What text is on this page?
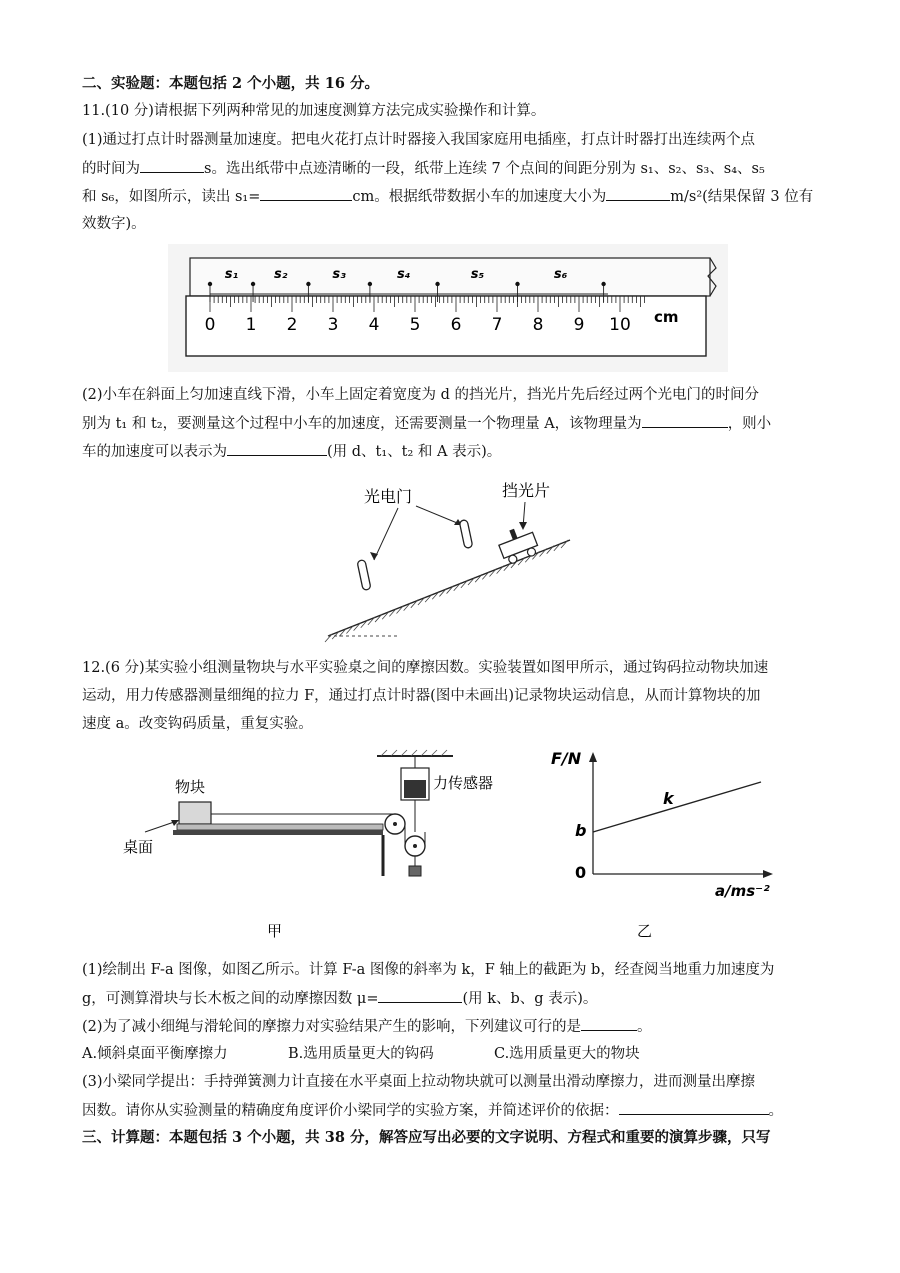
二、实验题：本题包括 2 个小题，共 16 分。
11.(10 分)请根据下列两种常见的加速度测算方法完成实验操作和计算。
(1)通过打点计时器测量加速度。把电火花打点计时器接入我国家庭用电插座，打点计时器打出连续两个点
的时间为	s。选出纸带中点迹清晰的一段，纸带上连续 7 个点间的间距分别为 s₁、s₂、s₃、s₄、s₅
和 s₆，如图所示，读出 s₁=	cm。根据纸带数据小车的加速度大小为	m/s²(结果保留 3 位有
效数字)。
0 1 2 3 4 5 6 7 8 9 10 cm
s₁	s₂	s₃	s₄	s₅	s₆
(2)小车在斜面上匀加速直线下滑，小车上固定着宽度为 d 的挡光片，挡光片先后经过两个光电门的时间分
别为 t₁ 和 t₂，要测量这个过程中小车的加速度，还需要测量一个物理量 A，该物理量为	，则小
车的加速度可以表示为	(用 d、t₁、t₂ 和 A 表示)。
光电门	挡光片
12.(6 分)某实验小组测量物块与水平实验桌之间的摩擦因数。实验装置如图甲所示，通过钩码拉动物块加速
运动，用力传感器测量细绳的拉力 F，通过打点计时器(图中未画出)记录物块运动信息，从而计算物块的加
速度 a。改变钩码质量，重复实验。
力传感器
物块
桌面
甲
F/N
k
b
0
a/ms⁻²
乙
(1)绘制出 F-a 图像，如图乙所示。计算 F-a 图像的斜率为 k，F 轴上的截距为 b，经查阅当地重力加速度为
g，可测算滑块与长木板之间的动摩擦因数 μ=	(用 k、b、g 表示)。
(2)为了减小细绳与滑轮间的摩擦力对实验结果产生的影响，下列建议可行的是	。
A.倾斜桌面平衡摩擦力	B.选用质量更大的钩码	C.选用质量更大的物块
(3)小梁同学提出：手持弹簧测力计直接在水平桌面上拉动物块就可以测量出滑动摩擦力，进而测量出摩擦
因数。请你从实验测量的精确度角度评价小梁同学的实验方案，并简述评价的依据：	。
三、计算题：本题包括 3 个小题，共 38 分，解答应写出必要的文字说明、方程式和重要的演算步骤，只写
